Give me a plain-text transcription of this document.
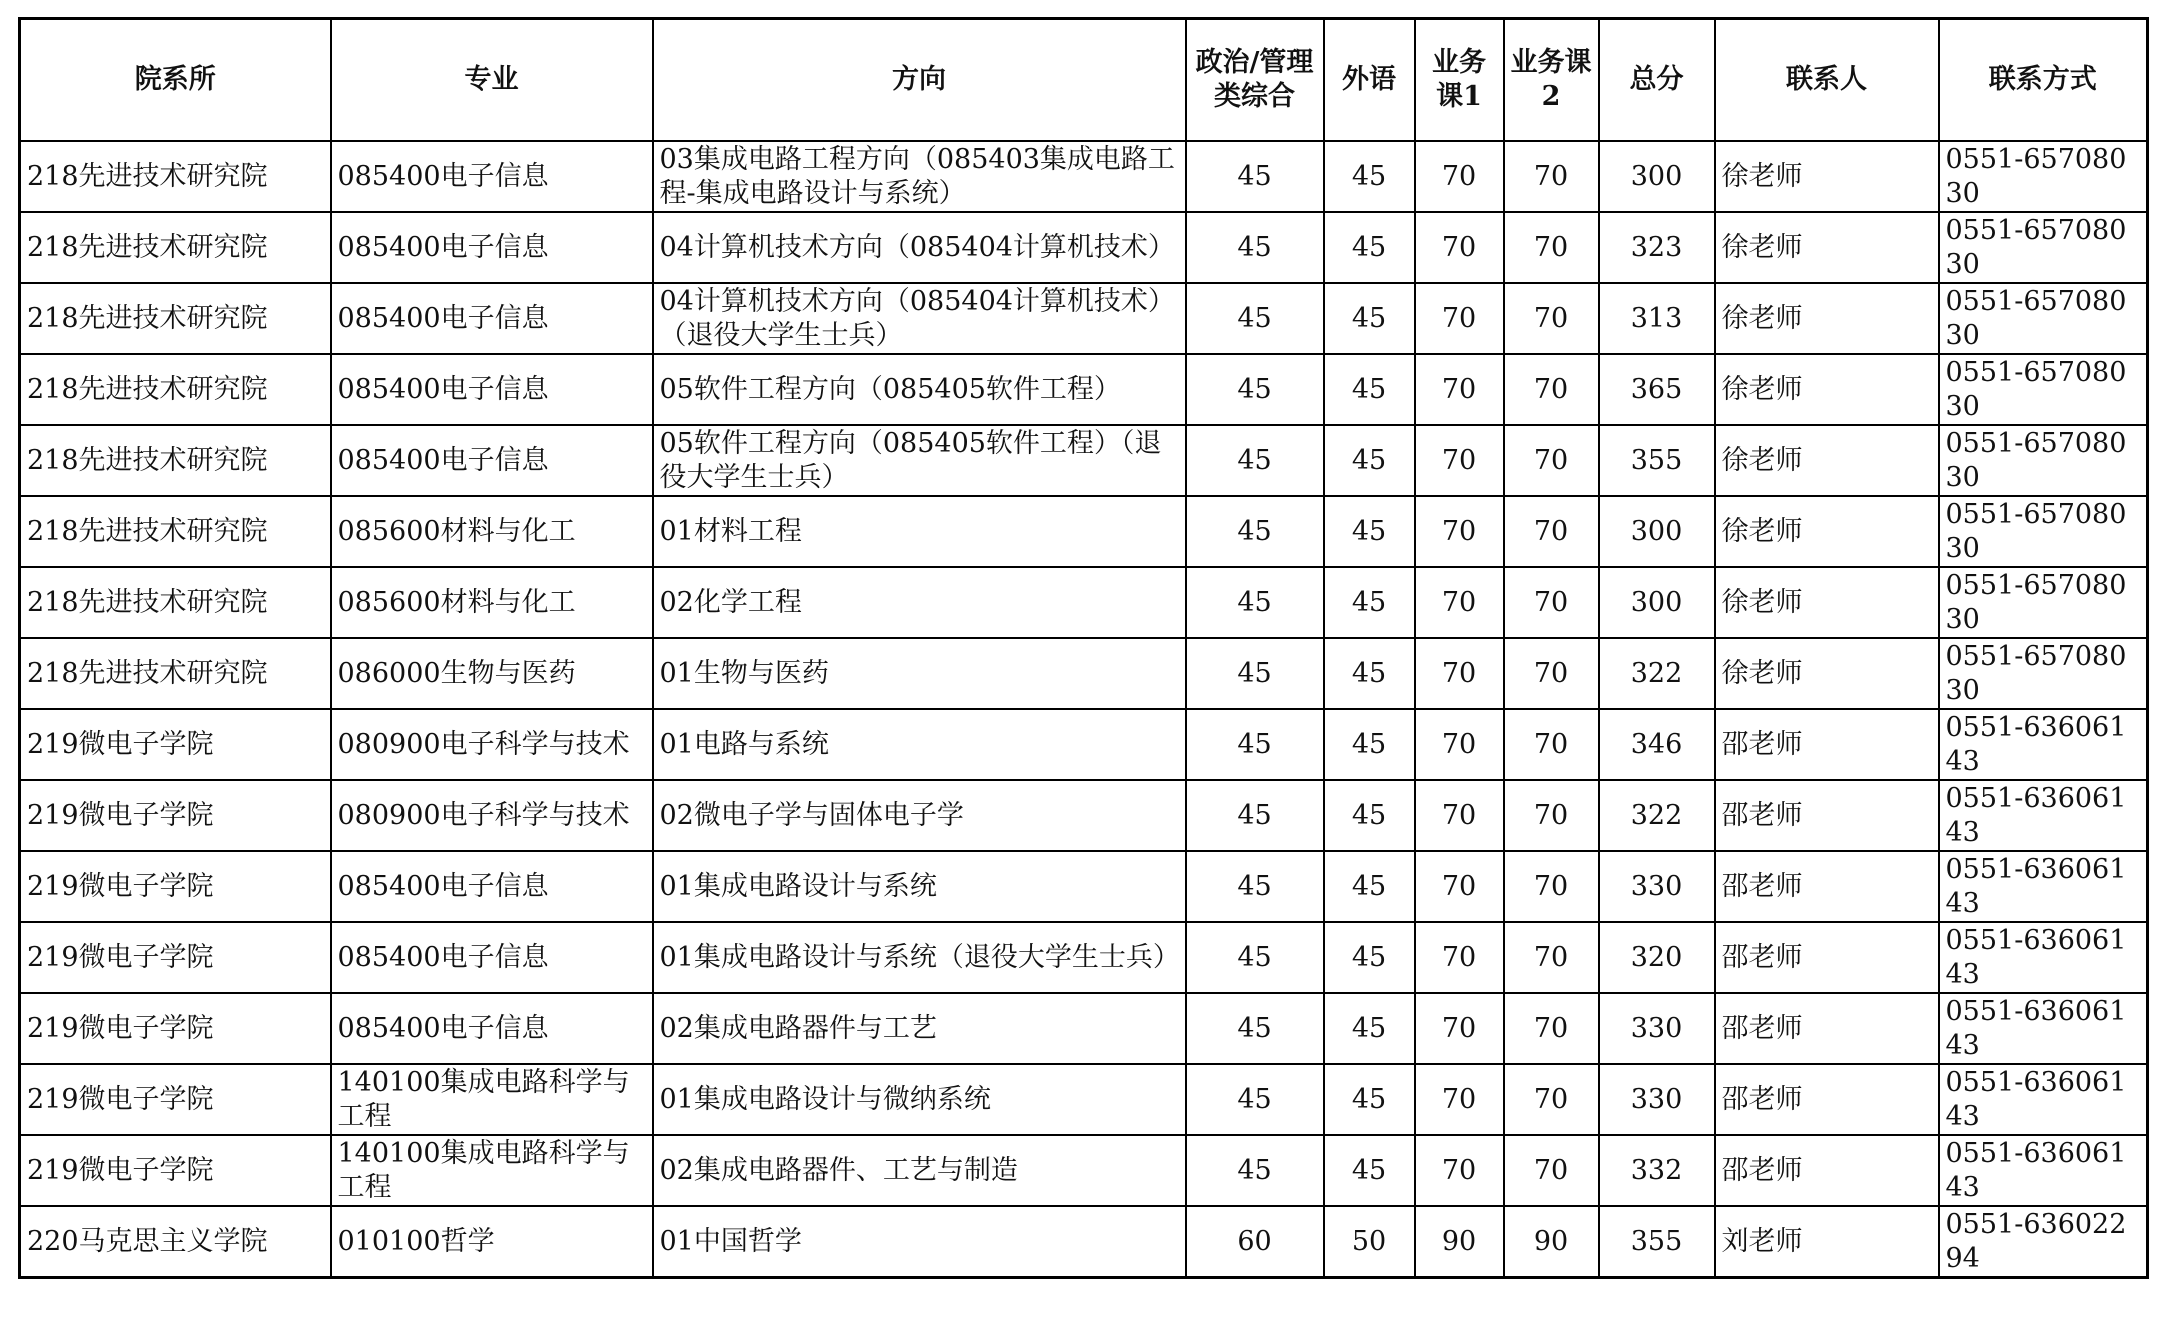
院系所	专业	方向	政治/管理类综合	外语	业务课1	业务课2	总分	联系人	联系方式
218先进技术研究院	085400电子信息	03集成电路工程方向（085403集成电路工程-集成电路设计与系统）	45	45	70	70	300	徐老师	0551-65708030
218先进技术研究院	085400电子信息	04计算机技术方向（085404计算机技术）	45	45	70	70	323	徐老师	0551-65708030
218先进技术研究院	085400电子信息	04计算机技术方向（085404计算机技术）（退役大学生士兵）	45	45	70	70	313	徐老师	0551-65708030
218先进技术研究院	085400电子信息	05软件工程方向（085405软件工程）	45	45	70	70	365	徐老师	0551-65708030
218先进技术研究院	085400电子信息	05软件工程方向（085405软件工程）（退役大学生士兵）	45	45	70	70	355	徐老师	0551-65708030
218先进技术研究院	085600材料与化工	01材料工程	45	45	70	70	300	徐老师	0551-65708030
218先进技术研究院	085600材料与化工	02化学工程	45	45	70	70	300	徐老师	0551-65708030
218先进技术研究院	086000生物与医药	01生物与医药	45	45	70	70	322	徐老师	0551-65708030
219微电子学院	080900电子科学与技术	01电路与系统	45	45	70	70	346	邵老师	0551-63606143
219微电子学院	080900电子科学与技术	02微电子学与固体电子学	45	45	70	70	322	邵老师	0551-63606143
219微电子学院	085400电子信息	01集成电路设计与系统	45	45	70	70	330	邵老师	0551-63606143
219微电子学院	085400电子信息	01集成电路设计与系统（退役大学生士兵）	45	45	70	70	320	邵老师	0551-63606143
219微电子学院	085400电子信息	02集成电路器件与工艺	45	45	70	70	330	邵老师	0551-63606143
219微电子学院	140100集成电路科学与工程	01集成电路设计与微纳系统	45	45	70	70	330	邵老师	0551-63606143
219微电子学院	140100集成电路科学与工程	02集成电路器件、工艺与制造	45	45	70	70	332	邵老师	0551-63606143
220马克思主义学院	010100哲学	01中国哲学	60	50	90	90	355	刘老师	0551-63602294
